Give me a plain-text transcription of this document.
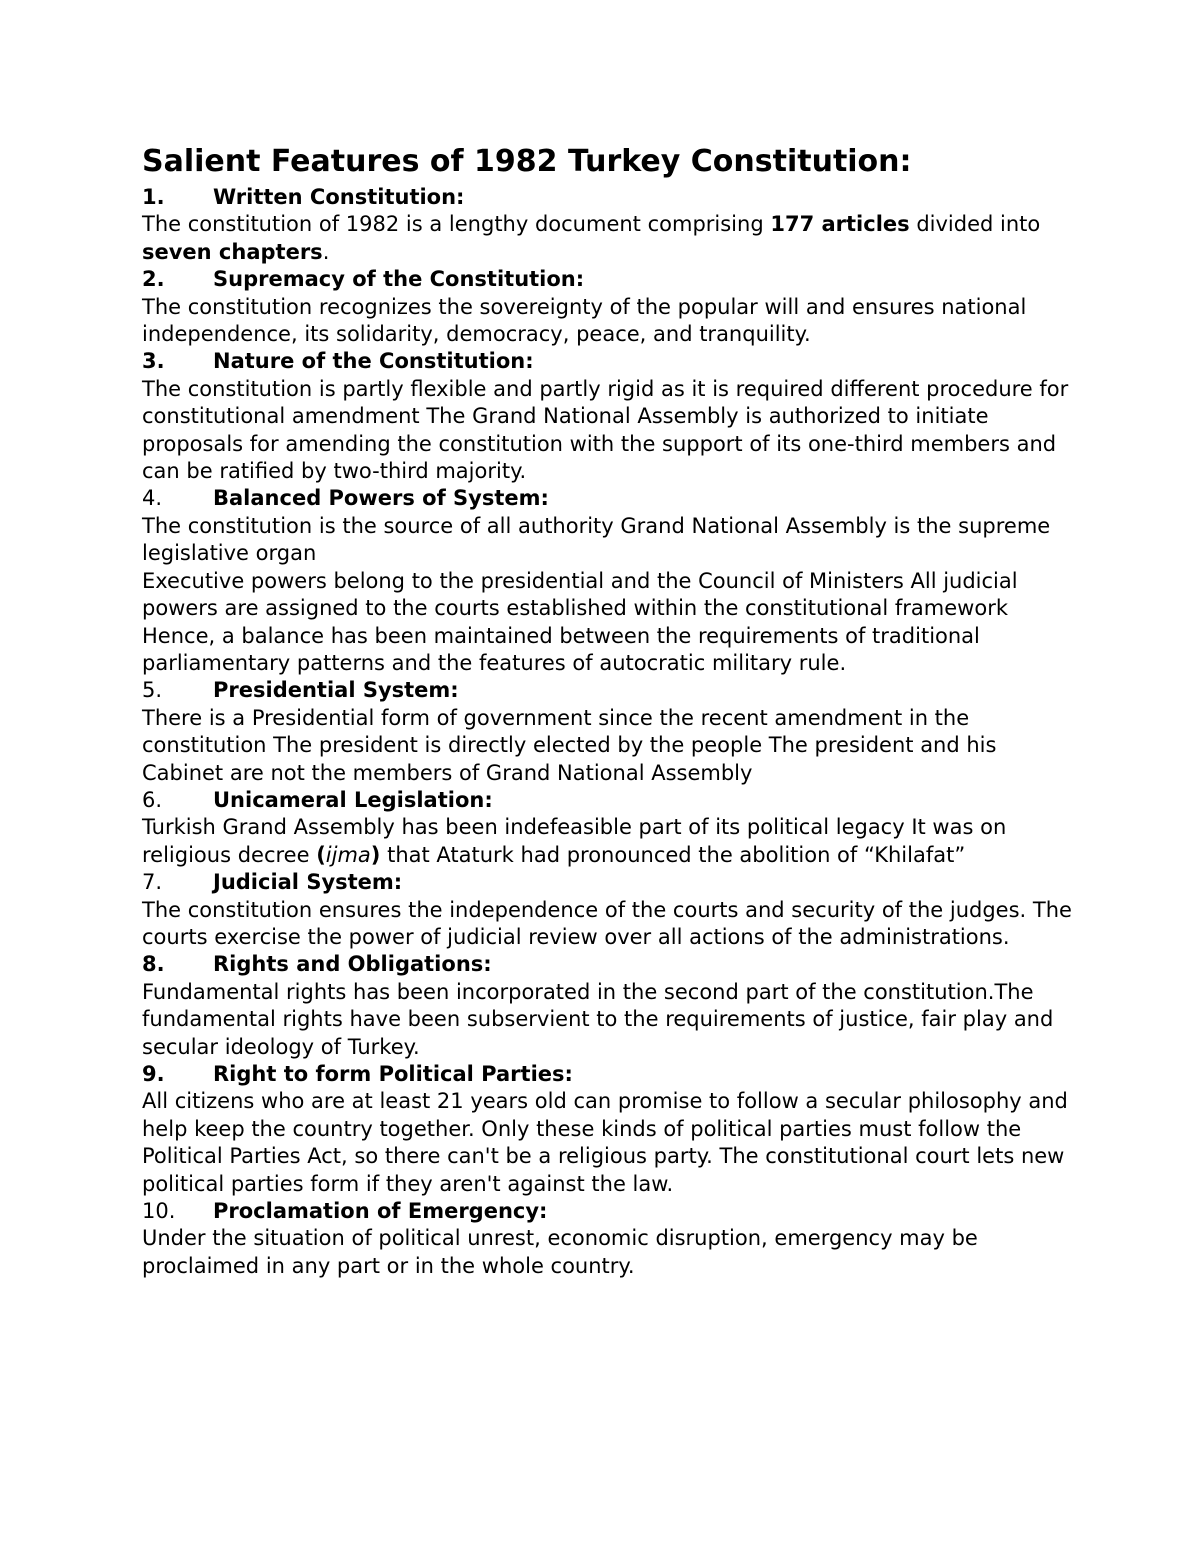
Salient Features of 1982 Turkey Constitution:
1.	Written Constitution:

The constitution of 1982 is a lengthy document comprising 177 articles divided into seven chapters.

2.	Supremacy of the Constitution:

The constitution recognizes the sovereignty of the popular will and ensures national independence, its solidarity, democracy, peace, and tranquility.

3.	Nature of the Constitution:

The constitution is partly flexible and partly rigid as it is required different procedure for constitutional amendment The Grand National Assembly is authorized to initiate proposals for amending the constitution with the support of its one-third members and can be ratified by two-third majority.

4.	Balanced Powers of System:

The constitution is the source of all authority Grand National Assembly is the supreme legislative organ

Executive powers belong to the presidential and the Council of Ministers All judicial powers are assigned to the courts established within the constitutional framework Hence, a balance has been maintained between the requirements of traditional parliamentary patterns and the features of autocratic military rule.

5.	Presidential System:

There is a Presidential form of government since the recent amendment in the constitution The president is directly elected by the people The president and his Cabinet are not the members of Grand National Assembly

6.	Unicameral Legislation:

Turkish Grand Assembly has been indefeasible part of its political legacy It was on religious decree (ijma) that Ataturk had pronounced the abolition of “Khilafat”

7.	Judicial System:

The constitution ensures the independence of the courts and security of the judges. The courts exercise the power of judicial review over all actions of the administrations.

8.	Rights and Obligations:

Fundamental rights has been incorporated in the second part of the constitution.The fundamental rights have been subservient to the requirements of justice, fair play and secular ideology of Turkey.

9.	Right to form Political Parties:

All citizens who are at least 21 years old can promise to follow a secular philosophy and help keep the country together. Only these kinds of political parties must follow the Political Parties Act, so there can't be a religious party. The constitutional court lets new political parties form if they aren't against the law.

10.	Proclamation of Emergency:

Under the situation of political unrest, economic disruption, emergency may be proclaimed in any part or in the whole country.
